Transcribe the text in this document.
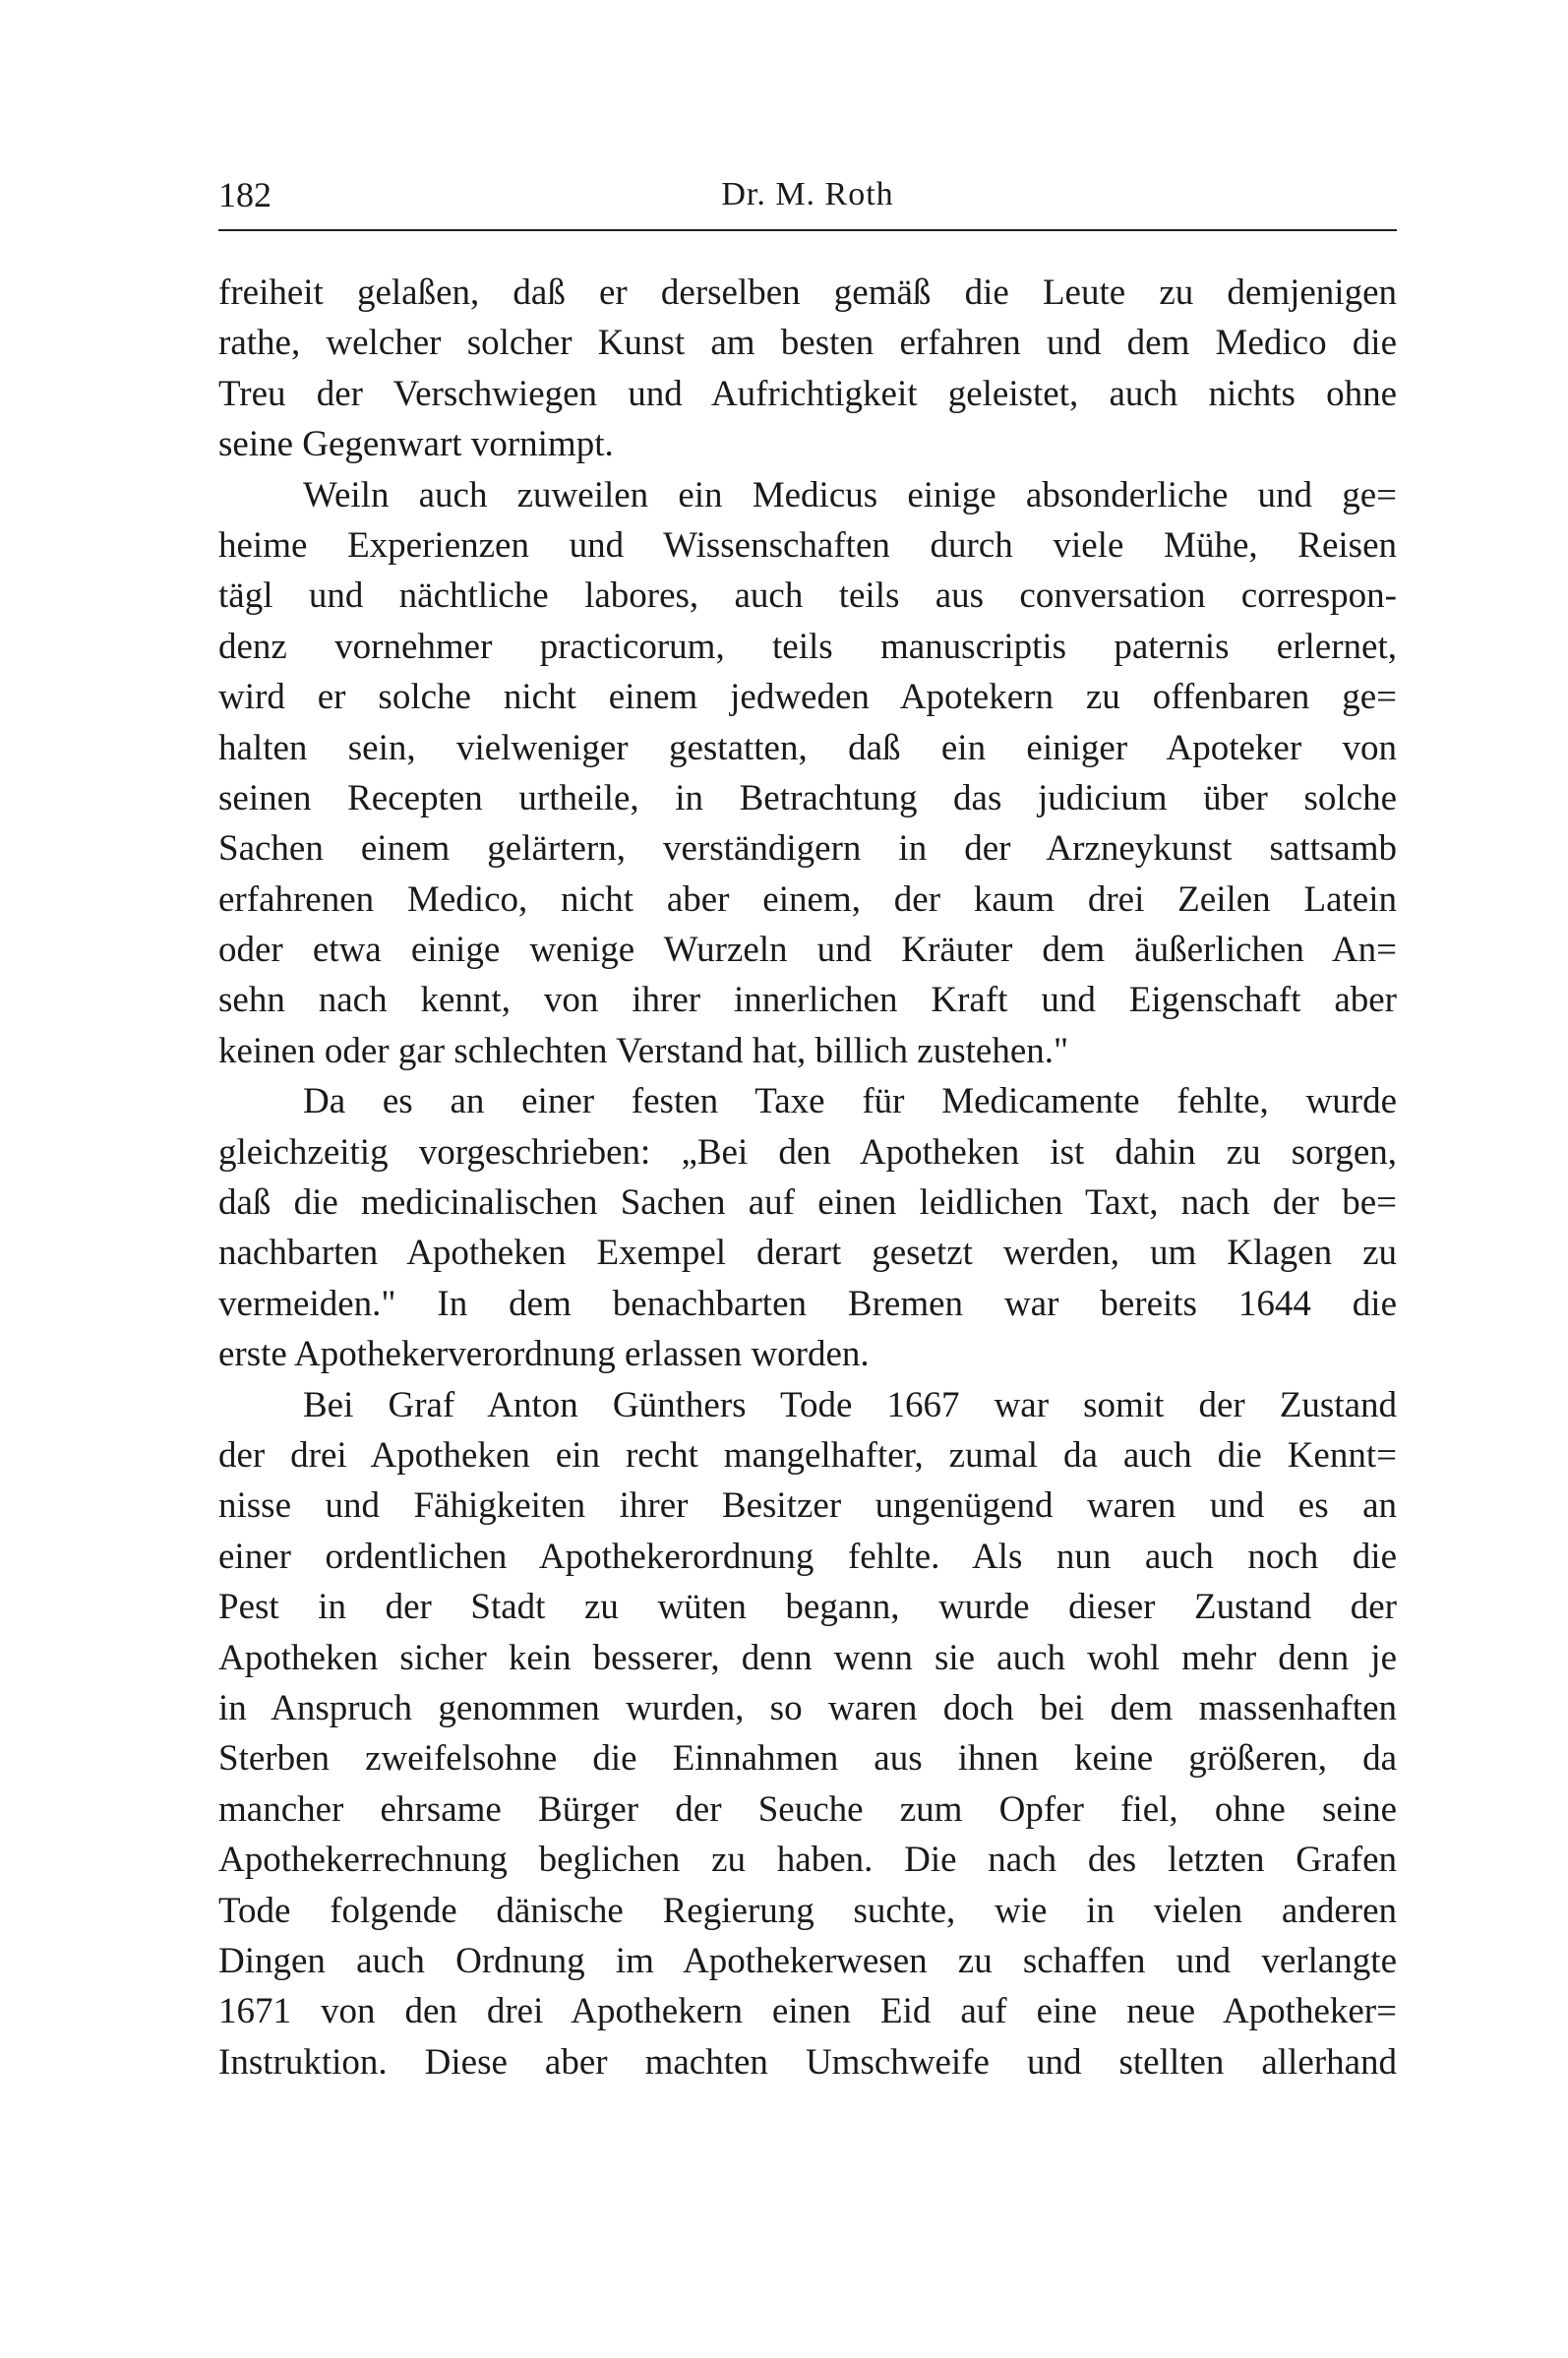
182	Dr. M. Roth
freiheit gelaßen, daß er derselben gemäß die Leute zu demjenigen
rathe, welcher solcher Kunst am besten erfahren und dem Medico die
Treu der Verschwiegen und Aufrichtigkeit geleistet, auch nichts ohne
seine Gegenwart vornimpt.
Weiln auch zuweilen ein Medicus einige absonderliche und ge=
heime Experienzen und Wissenschaften durch viele Mühe, Reisen
tägl und nächtliche labores, auch teils aus conversation correspon-
denz vornehmer practicorum, teils manuscriptis paternis erlernet,
wird er solche nicht einem jedweden Apotekern zu offenbaren ge=
halten sein, vielweniger gestatten, daß ein einiger Apoteker von
seinen Recepten urtheile, in Betrachtung das judicium über solche
Sachen einem gelärtern, verständigern in der Arzneykunst sattsamb
erfahrenen Medico, nicht aber einem, der kaum drei Zeilen Latein
oder etwa einige wenige Wurzeln und Kräuter dem äußerlichen An=
sehn nach kennt, von ihrer innerlichen Kraft und Eigenschaft aber
keinen oder gar schlechten Verstand hat, billich zustehen."
Da es an einer festen Taxe für Medicamente fehlte, wurde
gleichzeitig vorgeschrieben: „Bei den Apotheken ist dahin zu sorgen,
daß die medicinalischen Sachen auf einen leidlichen Taxt, nach der be=
nachbarten Apotheken Exempel derart gesetzt werden, um Klagen zu
vermeiden." In dem benachbarten Bremen war bereits 1644 die
erste Apothekerverordnung erlassen worden.
Bei Graf Anton Günthers Tode 1667 war somit der Zustand
der drei Apotheken ein recht mangelhafter, zumal da auch die Kennt=
nisse und Fähigkeiten ihrer Besitzer ungenügend waren und es an
einer ordentlichen Apothekerordnung fehlte. Als nun auch noch die
Pest in der Stadt zu wüten begann, wurde dieser Zustand der
Apotheken sicher kein besserer, denn wenn sie auch wohl mehr denn je
in Anspruch genommen wurden, so waren doch bei dem massenhaften
Sterben zweifelsohne die Einnahmen aus ihnen keine größeren, da
mancher ehrsame Bürger der Seuche zum Opfer fiel, ohne seine
Apothekerrechnung beglichen zu haben. Die nach des letzten Grafen
Tode folgende dänische Regierung suchte, wie in vielen anderen
Dingen auch Ordnung im Apothekerwesen zu schaffen und verlangte
1671 von den drei Apothekern einen Eid auf eine neue Apotheker=
Instruktion. Diese aber machten Umschweife und stellten allerhand
